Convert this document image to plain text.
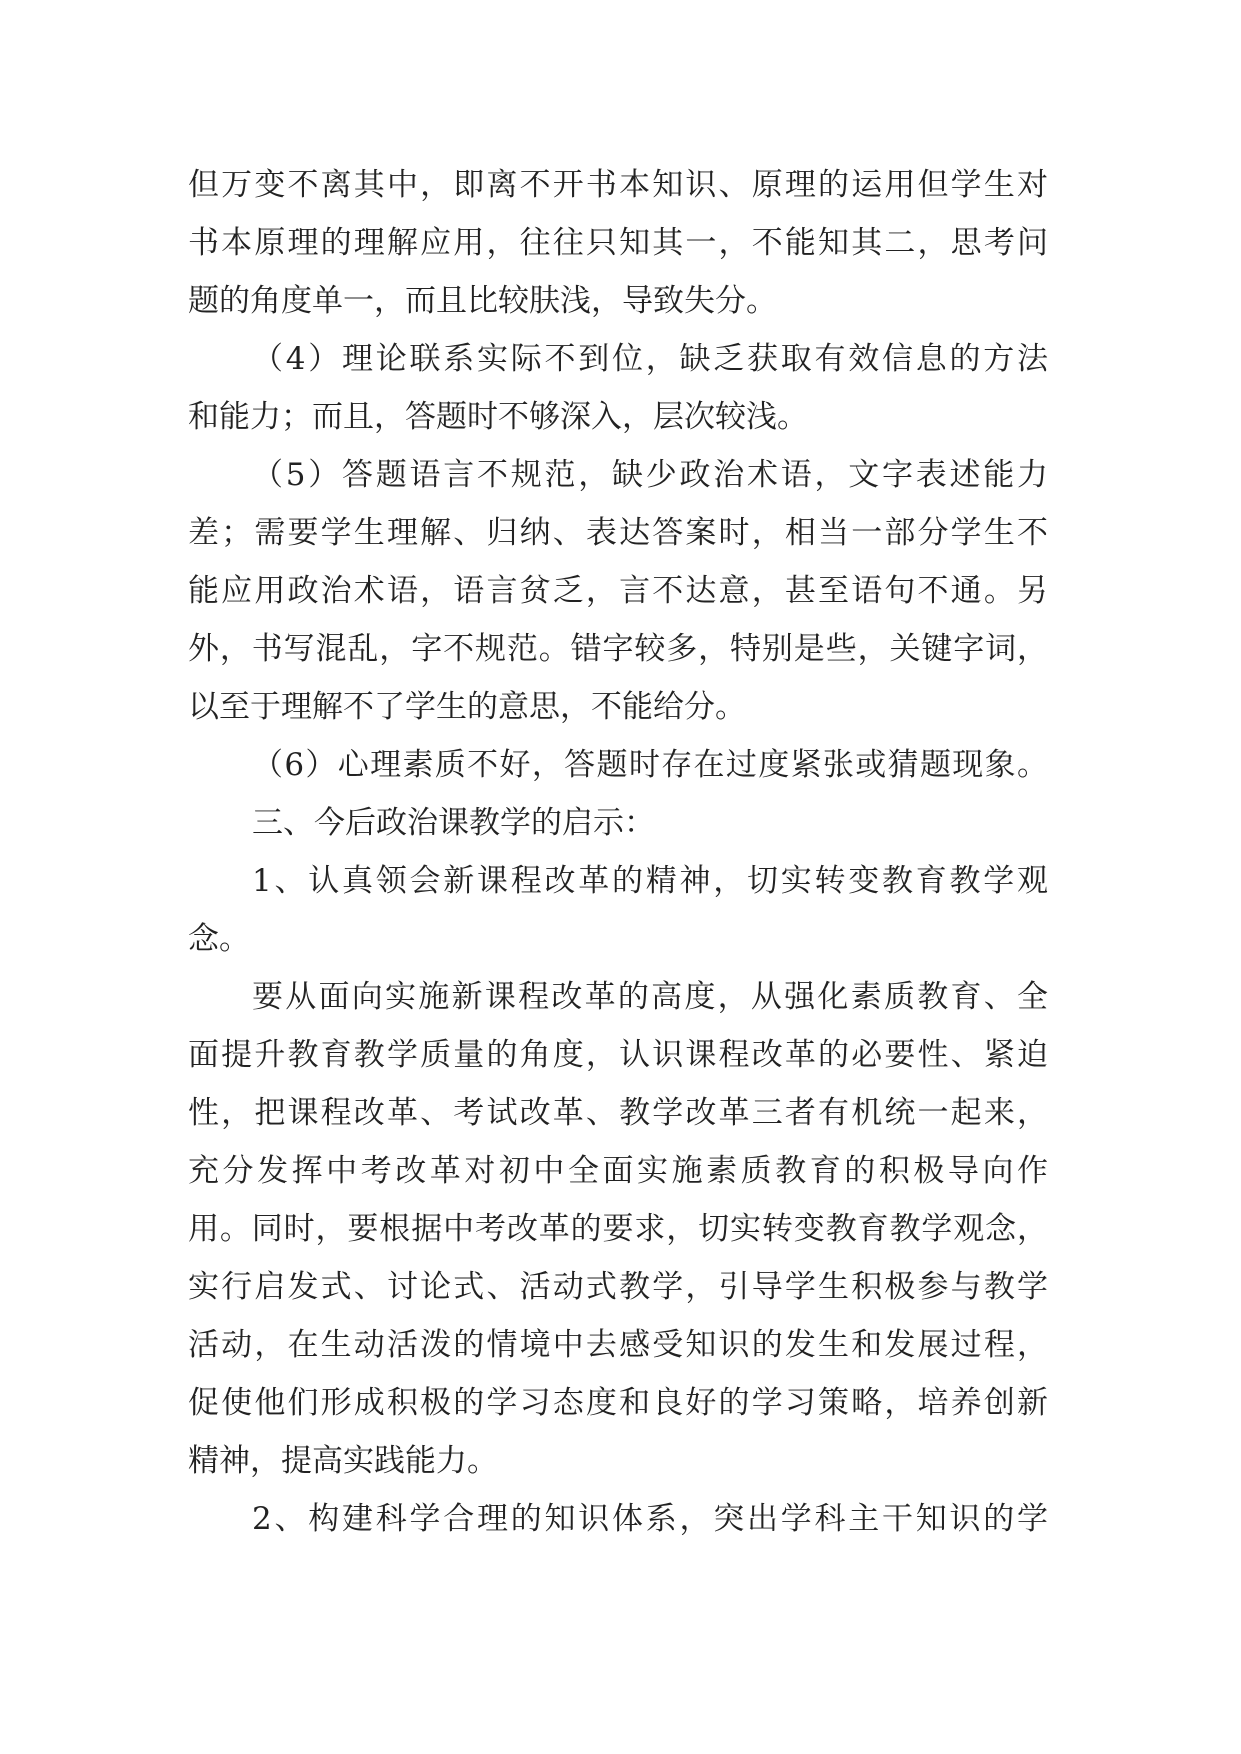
但万变不离其中，即离不开书本知识、原理的运用但学生对
书本原理的理解应用，往往只知其一，不能知其二，思考问
题的角度单一，而且比较肤浅，导致失分。
（4）理论联系实际不到位，缺乏获取有效信息的方法
和能力；而且，答题时不够深入，层次较浅。
（5）答题语言不规范，缺少政治术语，文字表述能力
差；需要学生理解、归纳、表达答案时，相当一部分学生不
能应用政治术语，语言贫乏，言不达意，甚至语句不通。另
外，书写混乱，字不规范。错字较多，特别是些，关键字词，
以至于理解不了学生的意思，不能给分。
（6）心理素质不好，答题时存在过度紧张或猜题现象。
三、今后政治课教学的启示：
1、认真领会新课程改革的精神，切实转变教育教学观
念。
要从面向实施新课程改革的高度，从强化素质教育、全
面提升教育教学质量的角度，认识课程改革的必要性、紧迫
性，把课程改革、考试改革、教学改革三者有机统一起来，
充分发挥中考改革对初中全面实施素质教育的积极导向作
用。同时，要根据中考改革的要求，切实转变教育教学观念，
实行启发式、讨论式、活动式教学，引导学生积极参与教学
活动，在生动活泼的情境中去感受知识的发生和发展过程，
促使他们形成积极的学习态度和良好的学习策略，培养创新
精神，提高实践能力。
2、构建科学合理的知识体系，突出学科主干知识的学
